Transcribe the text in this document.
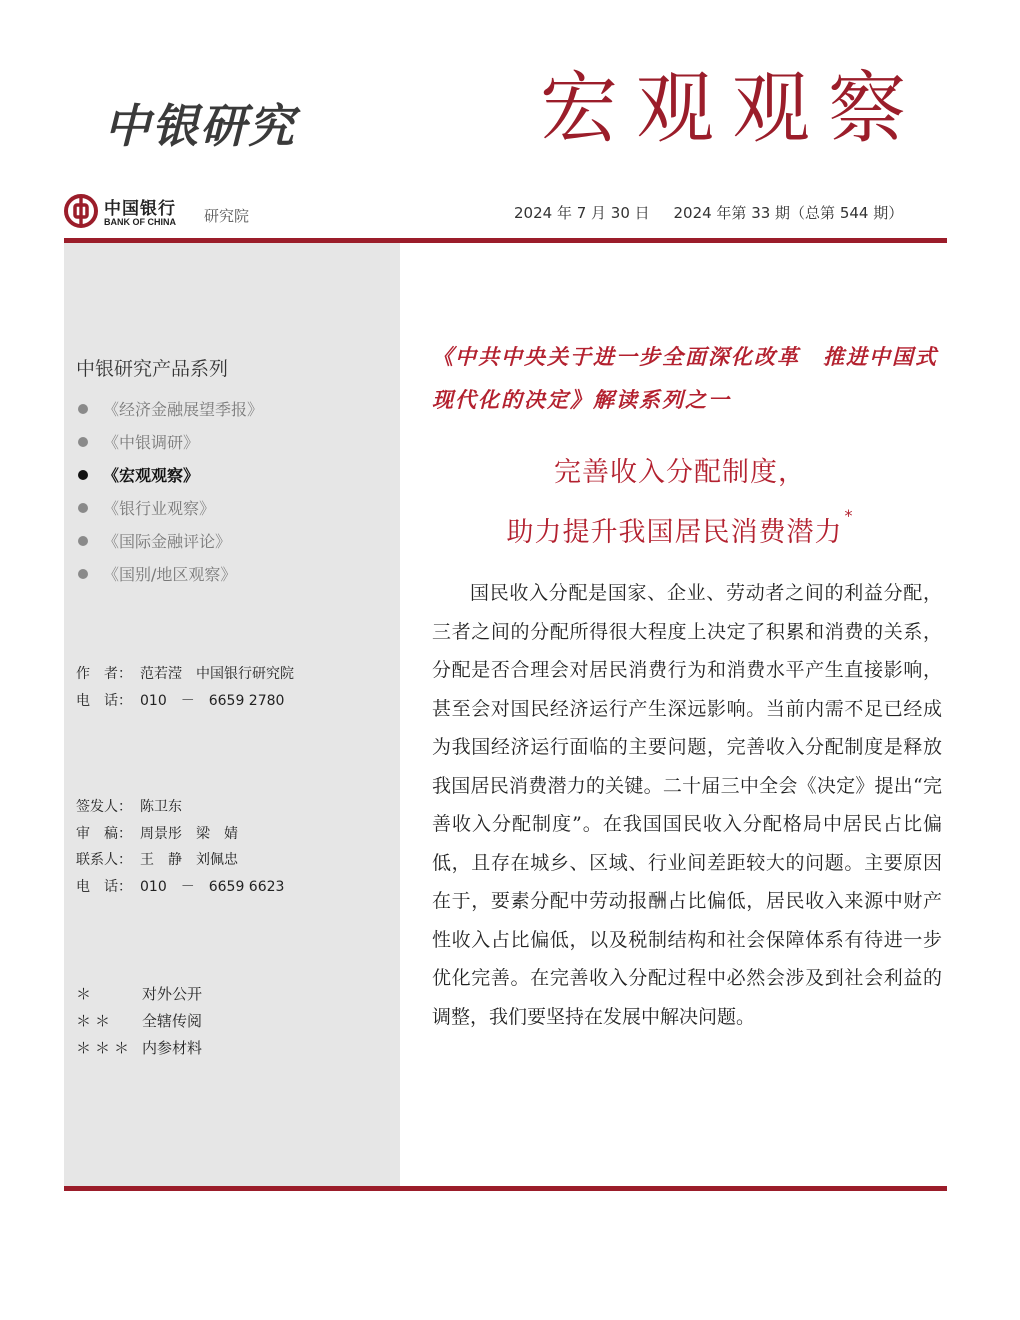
中银研究	宏观观察
中国银行
BANK OF CHINA 研究院	2024 年 7 月 30 日     2024 年第 33 期（总第 544 期）
中银研究产品系列
《经济金融展望季报》
《中银调研》
《宏观观察》
《银行业观察》
《国际金融评论》
《国别/地区观察》
作　者： 范若滢　中国银行研究院
电　话： 010　－　6659 2780
签发人： 陈卫东
审　稿： 周景彤　梁　婧
联系人： 王　静　刘佩忠
电　话： 010　－　6659 6623
＊	对外公开
＊＊	全辖传阅
＊＊＊ 内参材料
《中共中央关于进一步全面深化改革　推进中国式现代化的决定》解读系列之一
完善收入分配制度，
助力提升我国居民消费潜力*

国民收入分配是国家、企业、劳动者之间的利益分配，三者之间的分配所得很大程度上决定了积累和消费的关系，分配是否合理会对居民消费行为和消费水平产生直接影响，甚至会对国民经济运行产生深远影响。当前内需不足已经成为我国经济运行面临的主要问题，完善收入分配制度是释放我国居民消费潜力的关键。二十届三中全会《决定》提出“完善收入分配制度”。在我国国民收入分配格局中居民占比偏低，且存在城乡、区域、行业间差距较大的问题。主要原因在于，要素分配中劳动报酬占比偏低，居民收入来源中财产性收入占比偏低，以及税制结构和社会保障体系有待进一步优化完善。在完善收入分配过程中必然会涉及到社会利益的调整，我们要坚持在发展中解决问题。
